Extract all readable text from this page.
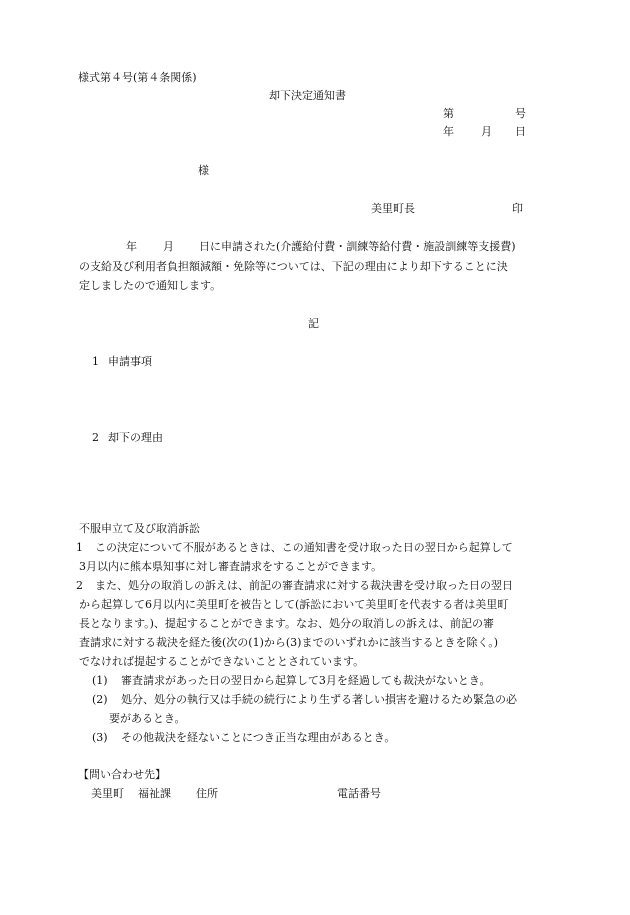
様式第４号(第４条関係)
却下決定通知書
第	号
年 月 日
様
美里町長	印
年 月 日に申請された(介護給付費・訓練等給付費・施設訓練等支援費)
の支給及び利用者負担額減額・免除等については、下記の理由により却下することに決
定しましたので通知します。
記
1 申請事項
2 却下の理由
不服申立て及び取消訴訟
1 この決定について不服があるときは、この通知書を受け取った日の翌日から起算して
3月以内に熊本県知事に対し審査請求をすることができます。
2 また、処分の取消しの訴えは、前記の審査請求に対する裁決書を受け取った日の翌日
から起算して6月以内に美里町を被告として(訴訟において美里町を代表する者は美里町
長となります。)、提起することができます。なお、処分の取消しの訴えは、前記の審
査請求に対する裁決を経た後(次の(1)から(3)までのいずれかに該当するときを除く。)
でなければ提起することができないこととされています。
(1) 審査請求があった日の翌日から起算して3月を経過しても裁決がないとき。
(2) 処分、処分の執行又は手続の続行により生ずる著しい損害を避けるため緊急の必
要があるとき。
(3) その他裁決を経ないことにつき正当な理由があるとき。
【問い合わせ先】
美里町 福祉課 住所	電話番号
